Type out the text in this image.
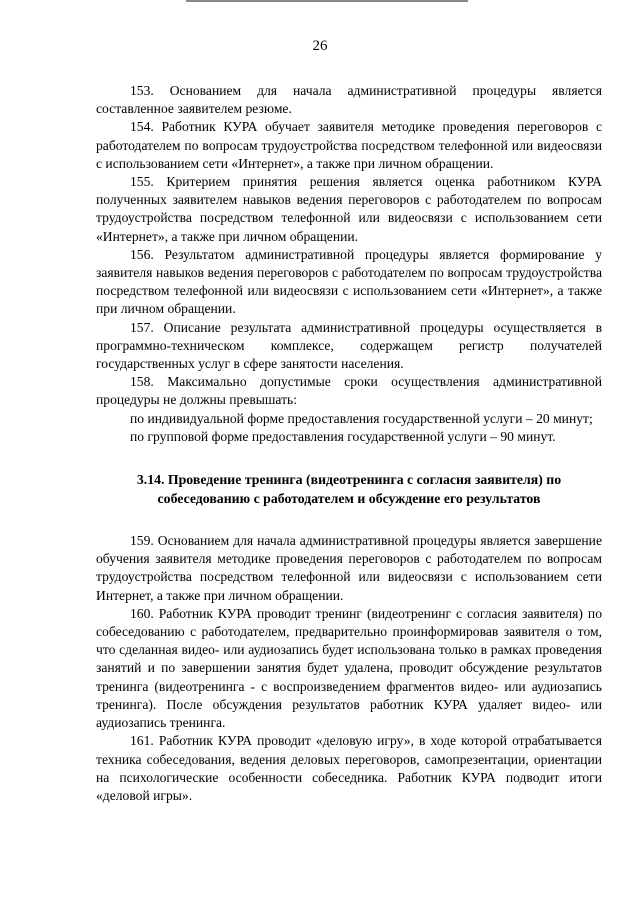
26

153. Основанием для начала административной процедуры является составленное заявителем резюме.

154. Работник КУРА обучает заявителя методике проведения переговоров с работодателем по вопросам трудоустройства посредством телефонной или видеосвязи с использованием сети «Интернет», а также при личном обращении.

155. Критерием принятия решения является оценка работником КУРА полученных заявителем навыков ведения переговоров с работодателем по вопросам трудоустройства посредством телефонной или видеосвязи с использованием сети «Интернет», а также при личном обращении.

156. Результатом административной процедуры является формирование у заявителя навыков ведения переговоров с работодателем по вопросам трудоустройства посредством телефонной или видеосвязи с использованием сети «Интернет», а также при личном обращении.

157. Описание результата административной процедуры осуществляется в программно-техническом комплексе, содержащем регистр получателей государственных услуг в сфере занятости населения.

158. Максимально допустимые сроки осуществления административной процедуры не должны превышать:

по индивидуальной форме предоставления государственной услуги – 20 минут;

по групповой форме предоставления государственной услуги – 90 минут.

3.14. Проведение тренинга (видеотренинга с согласия заявителя) по собеседованию с работодателем и обсуждение его результатов

159. Основанием для начала административной процедуры является завершение обучения заявителя методике проведения переговоров с работодателем по вопросам трудоустройства посредством телефонной или видеосвязи с использованием сети Интернет, а также при личном обращении.

160. Работник КУРА проводит тренинг (видеотренинг с согласия заявителя) по собеседованию с работодателем, предварительно проинформировав заявителя о том, что сделанная видео- или аудиозапись будет использована только в рамках проведения занятий и по завершении занятия будет удалена, проводит обсуждение результатов тренинга (видеотренинга - с воспроизведением фрагментов видео- или аудиозапись тренинга). После обсуждения результатов работник КУРА удаляет видео- или аудиозапись тренинга.

161. Работник КУРА проводит «деловую игру», в ходе которой отрабатывается техника собеседования, ведения деловых переговоров, самопрезентации, ориентации на психологические особенности собеседника. Работник КУРА подводит итоги «деловой игры».
